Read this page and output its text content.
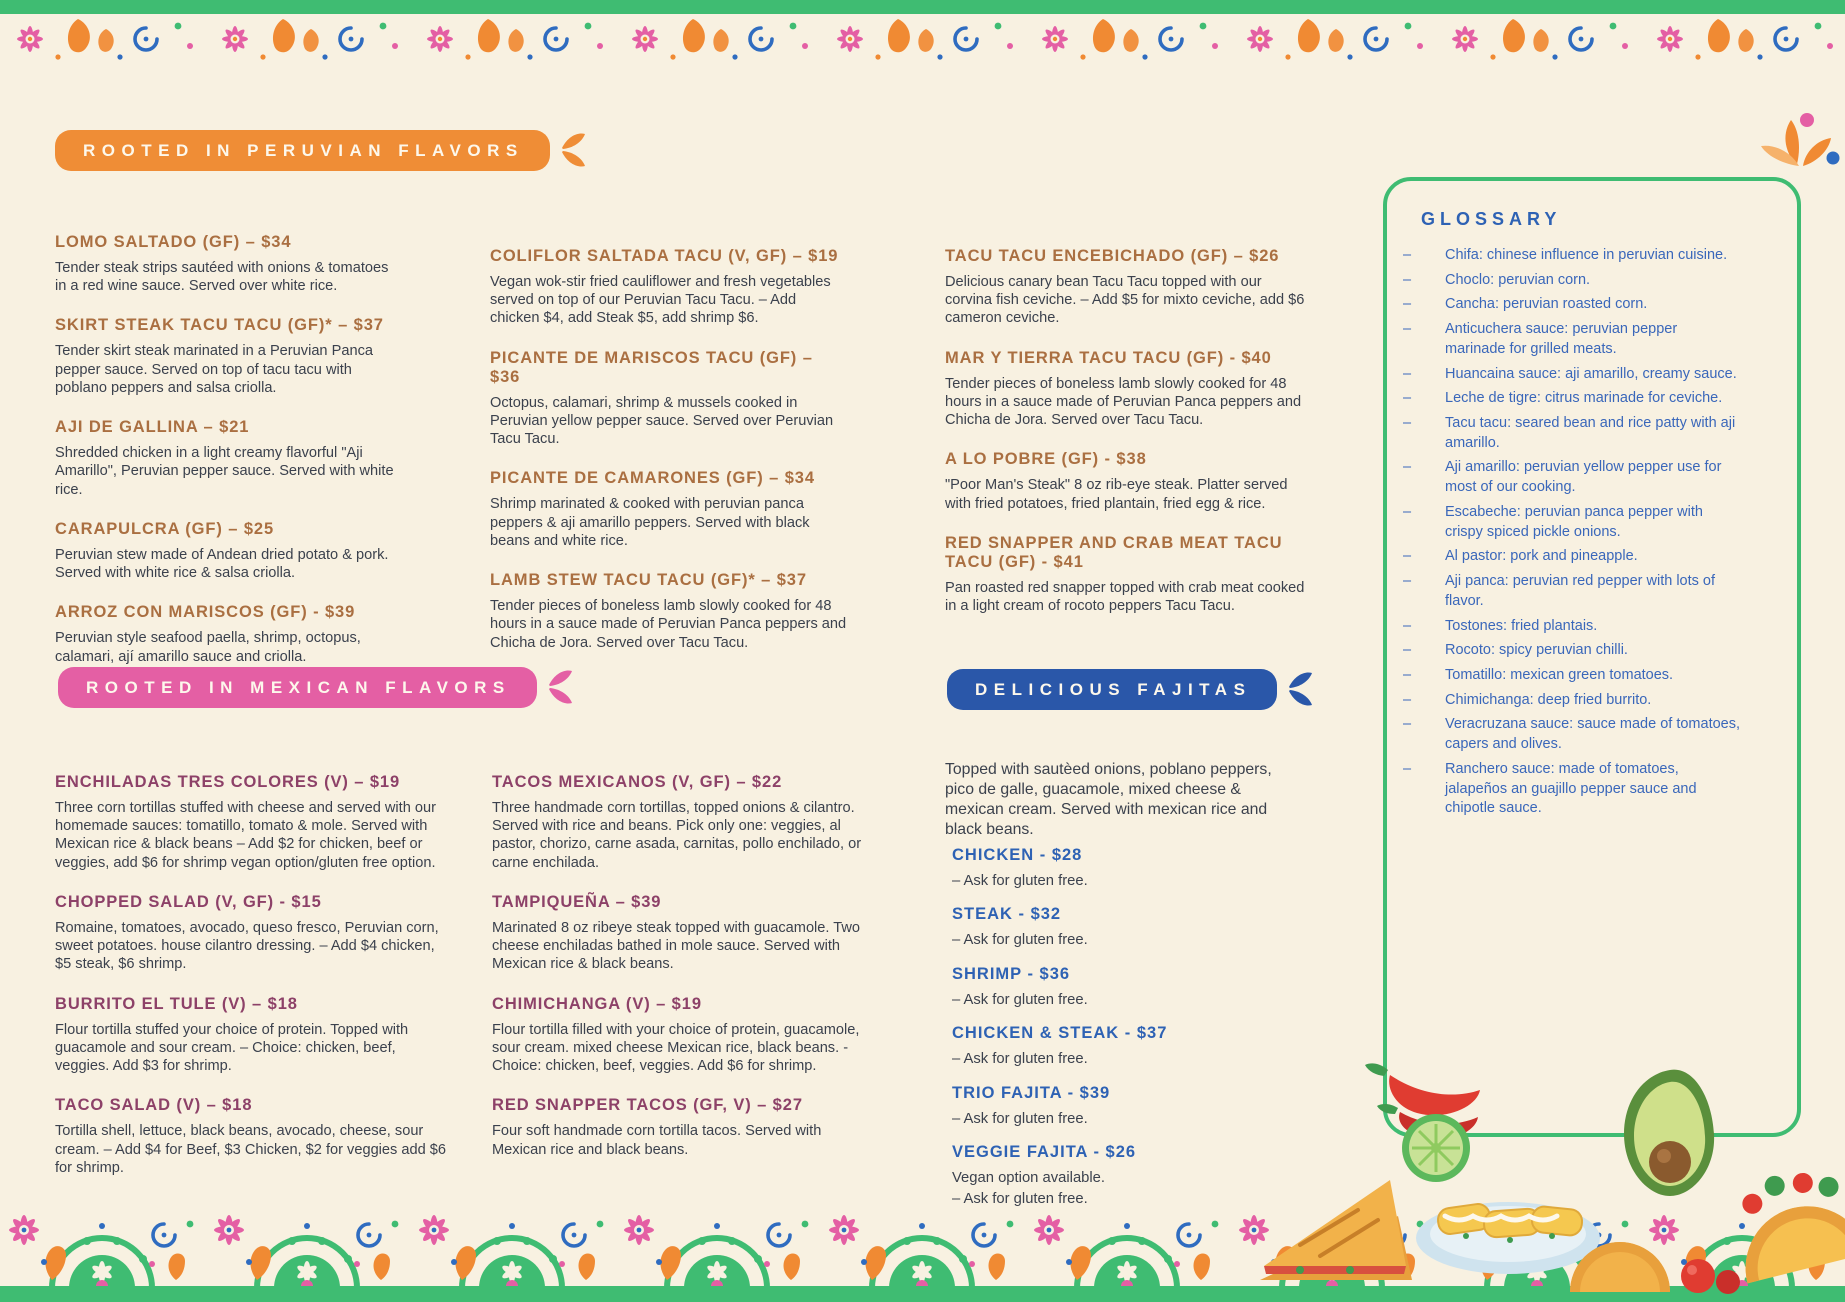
ROOTED IN PERUVIAN FLAVORS
LOMO SALTADO (GF) – $34

Tender steak strips sautéed with onions & tomatoes in a red wine sauce. Served over white rice.

SKIRT STEAK TACU TACU (GF)* – $37

Tender skirt steak marinated in a Peruvian Panca pepper sauce. Served on top of tacu tacu with poblano peppers and salsa criolla.

AJI DE GALLINA – $21

Shredded chicken in a light creamy flavorful "Aji Amarillo", Peruvian pepper sauce. Served with white rice.

CARAPULCRA (GF) – $25

Peruvian stew made of Andean dried potato & pork. Served with white rice & salsa criolla.

ARROZ CON MARISCOS (GF) - $39

Peruvian style seafood paella, shrimp, octopus, calamari, ají amarillo sauce and criolla.

COLIFLOR SALTADA TACU (V, GF) – $19

Vegan wok-stir fried cauliflower and fresh vegetables served on top of our Peruvian Tacu Tacu. – Add chicken $4, add Steak $5, add shrimp $6.

PICANTE DE MARISCOS TACU (GF) – $36

Octopus, calamari, shrimp & mussels cooked in Peruvian yellow pepper sauce. Served over Peruvian Tacu Tacu.

PICANTE DE CAMARONES (GF) – $34

Shrimp marinated & cooked with peruvian panca peppers & aji amarillo peppers. Served with black beans and white rice.

LAMB STEW TACU TACU (GF)* – $37

Tender pieces of boneless lamb slowly cooked for 48 hours in a sauce made of Peruvian Panca peppers and Chicha de Jora. Served over Tacu Tacu.

TACU TACU ENCEBICHADO (GF) – $26

Delicious canary bean Tacu Tacu topped with our corvina fish ceviche. – Add $5 for mixto ceviche, add $6 cameron ceviche.

MAR Y TIERRA TACU TACU (GF) - $40

Tender pieces of boneless lamb slowly cooked for 48 hours in a sauce made of Peruvian Panca peppers and Chicha de Jora. Served over Tacu Tacu.

A LO POBRE (GF) - $38

"Poor Man's Steak" 8 oz rib-eye steak. Platter served with fried potatoes, fried plantain, fried egg & rice.

RED SNAPPER AND CRAB MEAT TACU TACU (GF) - $41

Pan roasted red snapper topped with crab meat cooked in a light cream of rocoto peppers Tacu Tacu.

ROOTED IN MEXICAN FLAVORS
ENCHILADAS TRES COLORES (V) – $19

Three corn tortillas stuffed with cheese and served with our homemade sauces: tomatillo, tomato & mole. Served with Mexican rice & black beans – Add $2 for chicken, beef or veggies, add $6 for shrimp vegan option/gluten free option.

CHOPPED SALAD (V, GF) - $15

Romaine, tomatoes, avocado, queso fresco, Peruvian corn, sweet potatoes. house cilantro dressing. – Add $4 chicken, $5 steak, $6 shrimp.

BURRITO EL TULE (V) – $18

Flour tortilla stuffed your choice of protein. Topped with guacamole and sour cream. – Choice: chicken, beef, veggies. Add $3 for shrimp.

TACO SALAD (V) – $18

Tortilla shell, lettuce, black beans, avocado, cheese, sour cream. – Add $4 for Beef, $3 Chicken, $2 for veggies add $6 for shrimp.

TACOS MEXICANOS (V, GF) – $22

Three handmade corn tortillas, topped onions & cilantro. Served with rice and beans. Pick only one: veggies, al pastor, chorizo, carne asada, carnitas, pollo enchilado, or carne enchilada.

TAMPIQUEÑA – $39

Marinated 8 oz ribeye steak topped with guacamole. Two cheese enchiladas bathed in mole sauce. Served with Mexican rice & black beans.

CHIMICHANGA (V) – $19

Flour tortilla filled with your choice of protein, guacamole, sour cream. mixed cheese Mexican rice, black beans. - Choice: chicken, beef, veggies. Add $6 for shrimp.

RED SNAPPER TACOS (GF, V) – $27

Four soft handmade corn tortilla tacos. Served with Mexican rice and black beans.

DELICIOUS FAJITAS

Topped with sautèed onions, poblano peppers, pico de galle, guacamole, mixed cheese & mexican cream. Served with mexican rice and black beans.

CHICKEN - $28

– Ask for gluten free.

STEAK - $32

– Ask for gluten free.

SHRIMP - $36

– Ask for gluten free.

CHICKEN & STEAK - $37

– Ask for gluten free.

TRIO FAJITA - $39

– Ask for gluten free.

VEGGIE FAJITA - $26

Vegan option available.

– Ask for gluten free.

GLOSSARY
–	Chifa: chinese influence in peruvian cuisine.
–	Choclo: peruvian corn.
–	Cancha: peruvian roasted corn.
–	Anticuchera sauce: peruvian pepper marinade for grilled meats.
–	Huancaina sauce: aji amarillo, creamy sauce.
–	Leche de tigre: citrus marinade for ceviche.
–	Tacu tacu: seared bean and rice patty with aji amarillo.
–	Aji amarillo: peruvian yellow pepper use for most of our cooking.
–	Escabeche: peruvian panca pepper with crispy spiced pickle onions.
–	Al pastor: pork and pineapple.
–	Aji panca: peruvian red pepper with lots of flavor.
–	Tostones: fried plantais.
–	Rocoto: spicy peruvian chilli.
–	Tomatillo: mexican green tomatoes.
–	Chimichanga: deep fried burrito.
–	Veracruzana sauce: sauce made of tomatoes, capers and olives.
–	Ranchero sauce: made of tomatoes, jalapeños an guajillo pepper sauce and chipotle sauce.
